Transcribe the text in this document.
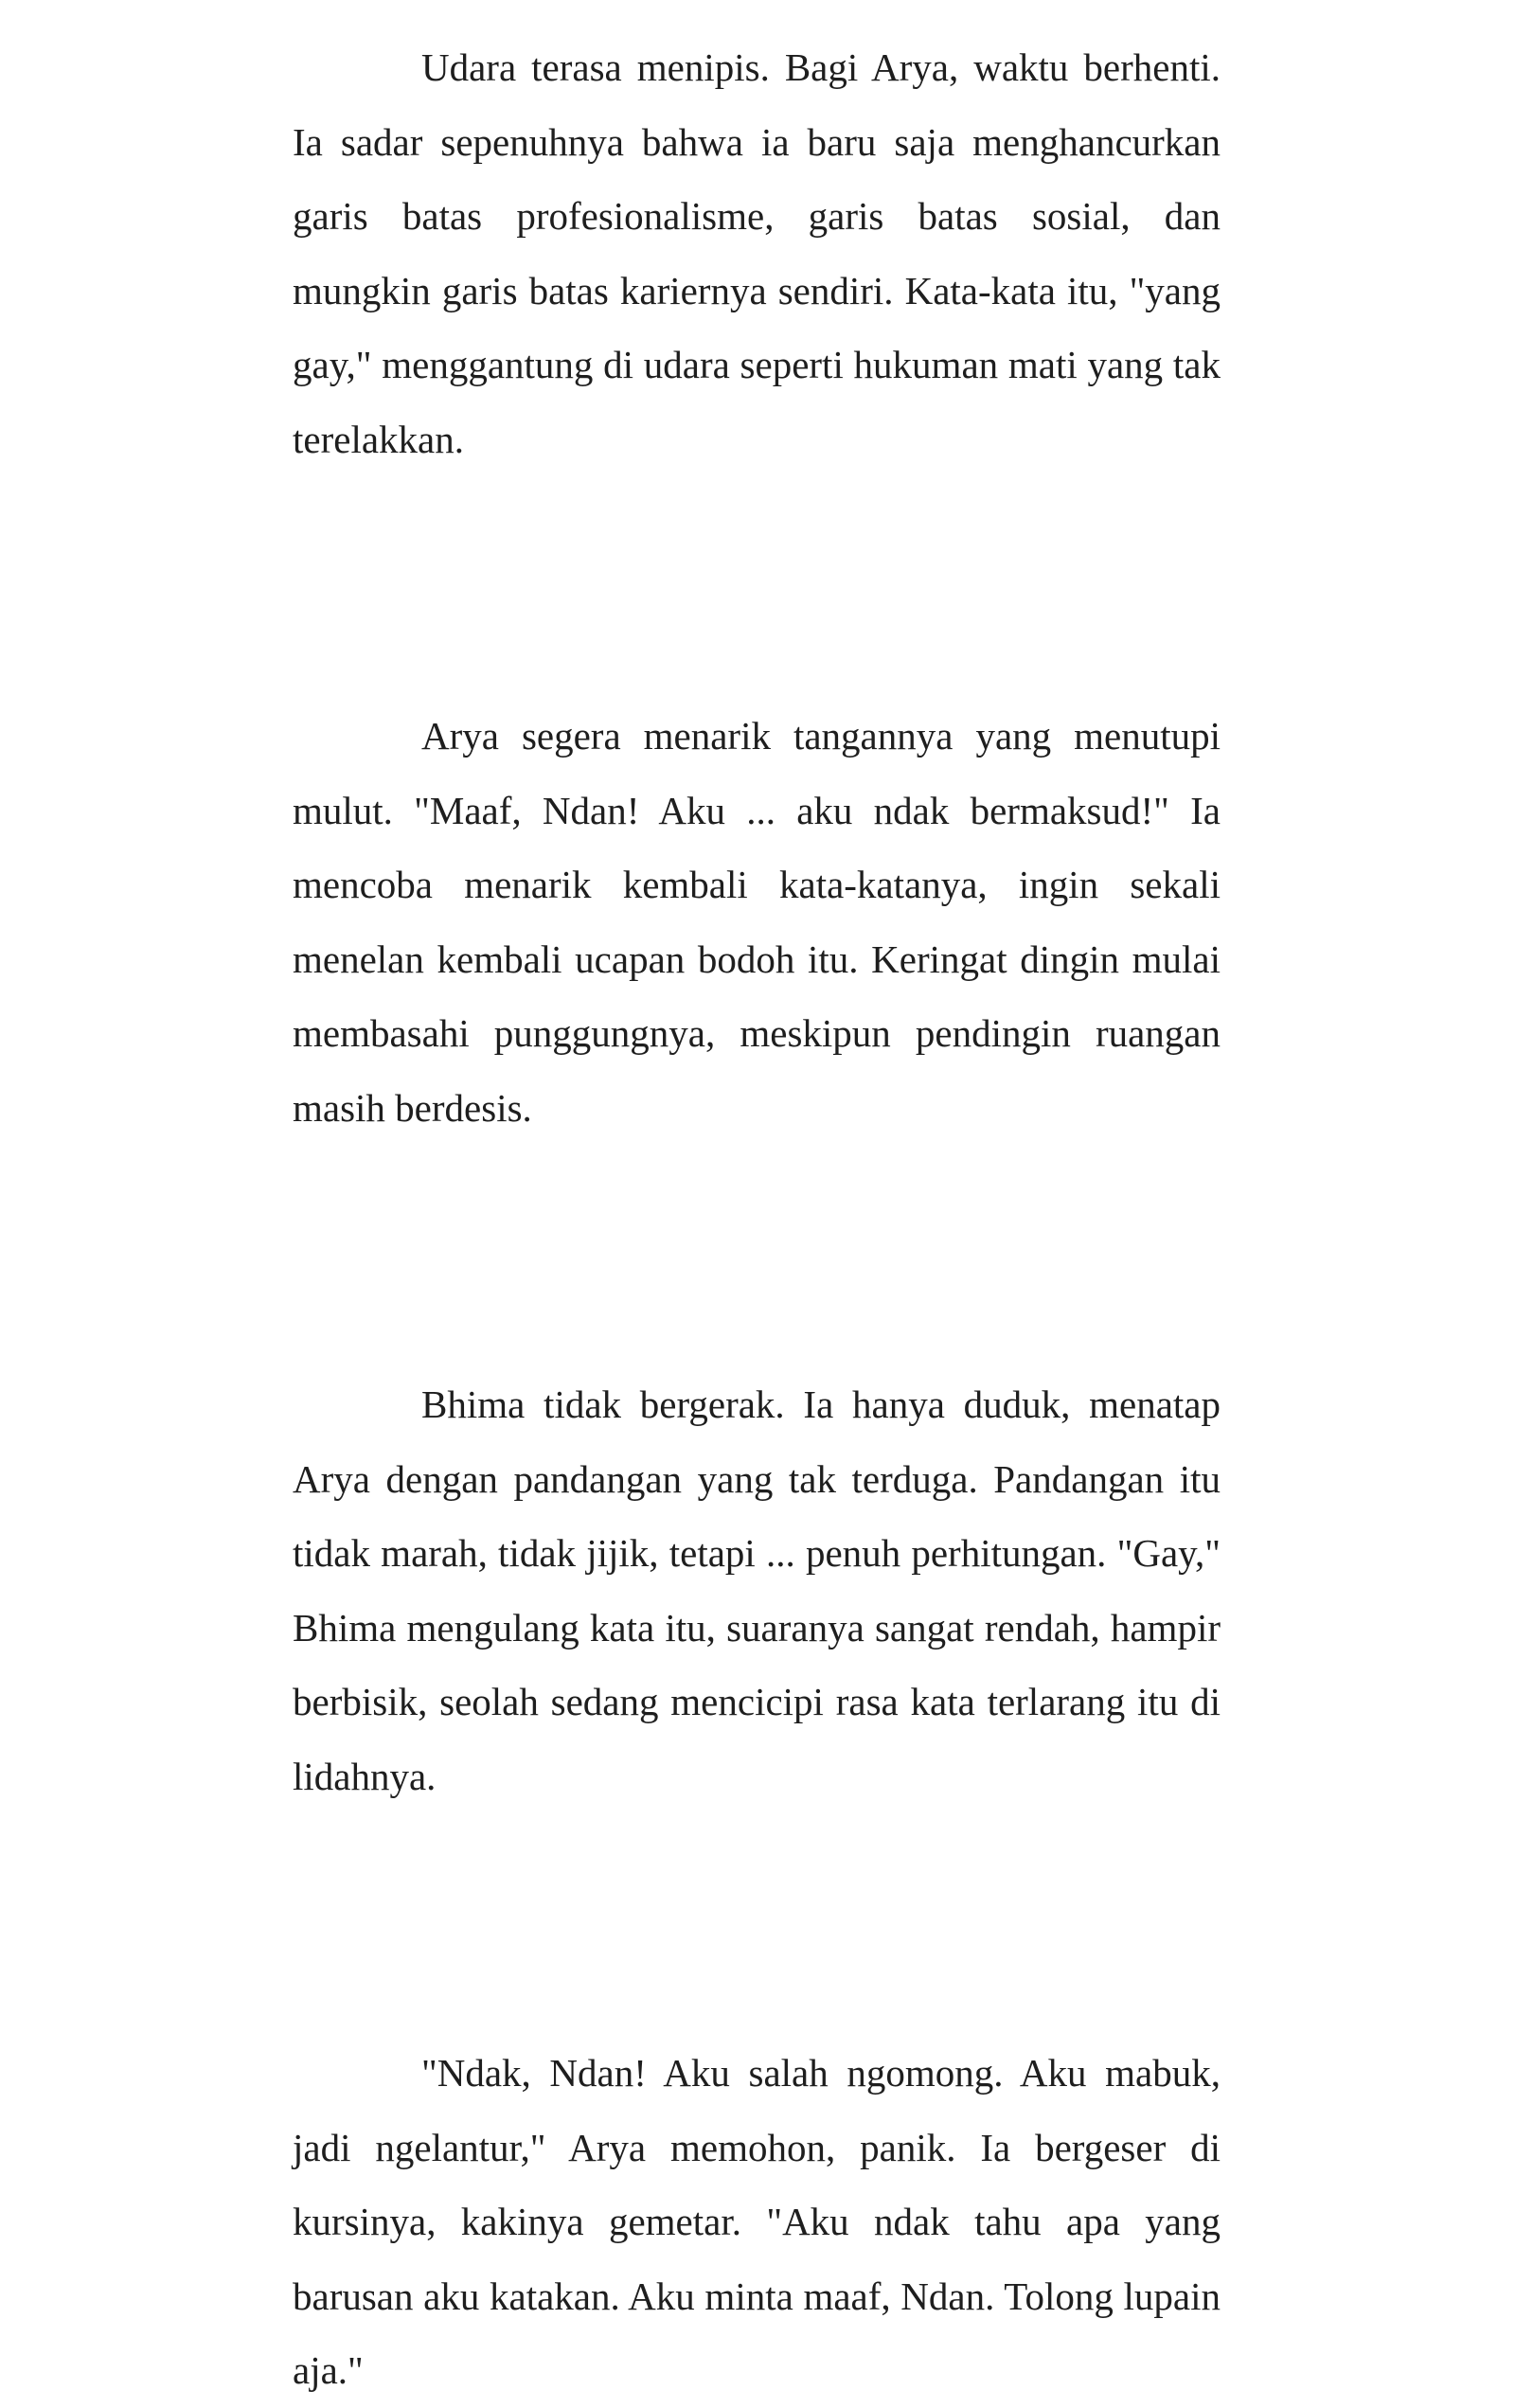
Udara terasa menipis. Bagi Arya, waktu berhenti. Ia sadar sepenuhnya bahwa ia baru saja menghancurkan garis batas profesionalisme, garis batas sosial, dan mungkin garis batas kariernya sendiri. Kata-kata itu, "yang gay," menggantung di udara seperti hukuman mati yang tak terelakkan.

Arya segera menarik tangannya yang menutupi mulut. "Maaf, Ndan! Aku ... aku ndak bermaksud!" Ia mencoba menarik kembali kata-katanya, ingin sekali menelan kembali ucapan bodoh itu. Keringat dingin mulai membasahi punggungnya, meskipun pendingin ruangan masih berdesis.

Bhima tidak bergerak. Ia hanya duduk, menatap Arya dengan pandangan yang tak terduga. Pandangan itu tidak marah, tidak jijik, tetapi ... penuh perhitungan. "Gay," Bhima mengulang kata itu, suaranya sangat rendah, hampir berbisik, seolah sedang mencicipi rasa kata terlarang itu di lidahnya.

"Ndak, Ndan! Aku salah ngomong. Aku mabuk, jadi ngelantur," Arya memohon, panik. Ia bergeser di kursinya, kakinya gemetar. "Aku ndak tahu apa yang barusan aku katakan. Aku minta maaf, Ndan. Tolong lupain aja."
